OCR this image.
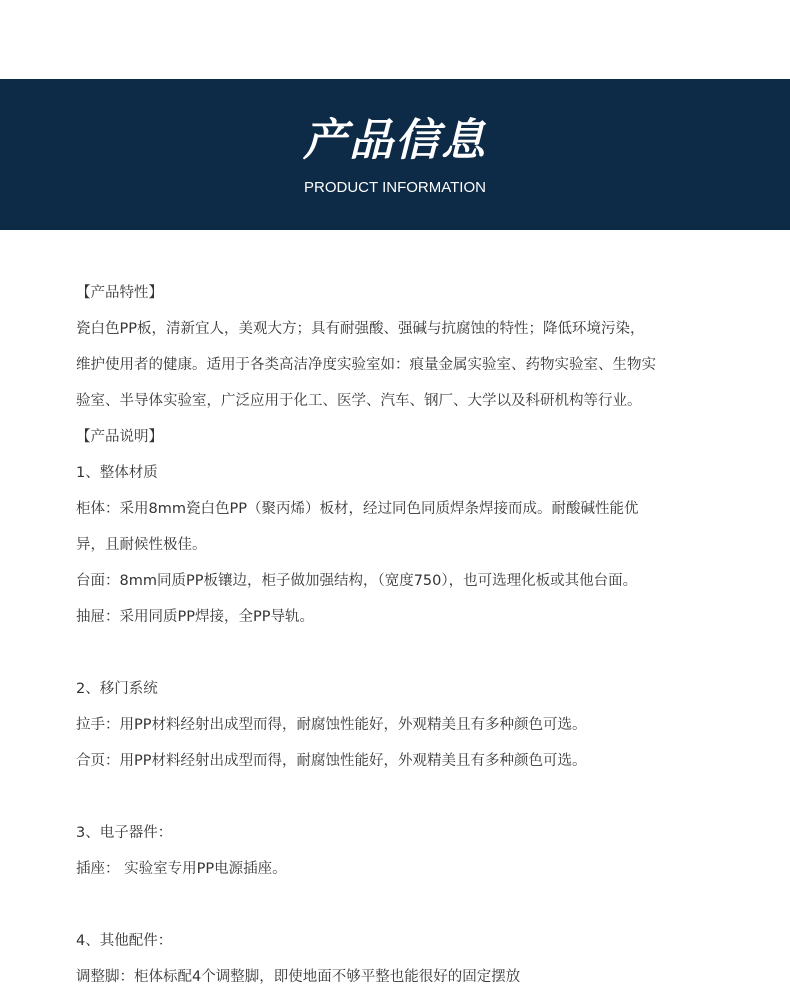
产品信息
PRODUCT INFORMATION
【产品特性】
瓷白色PP板，清新宜人，美观大方；具有耐强酸、强碱与抗腐蚀的特性；降低环境污染，
维护使用者的健康。适用于各类高洁净度实验室如：痕量金属实验室、药物实验室、生物实
验室、半导体实验室，广泛应用于化工、医学、汽车、钢厂、大学以及科研机构等行业。
【产品说明】
1、整体材质
柜体：采用8mm瓷白色PP（聚丙烯）板材，经过同色同质焊条焊接而成。耐酸碱性能优
异，且耐候性极佳。
台面：8mm同质PP板镶边，柜子做加强结构，（宽度750），也可选理化板或其他台面。
抽屉：采用同质PP焊接，全PP导轨。
2、移门系统
拉手：用PP材料经射出成型而得，耐腐蚀性能好，外观精美且有多种颜色可选。
合页：用PP材料经射出成型而得，耐腐蚀性能好，外观精美且有多种颜色可选。
3、电子器件：
插座： 实验室专用PP电源插座。
4、其他配件：
调整脚：柜体标配4个调整脚，即使地面不够平整也能很好的固定摆放
